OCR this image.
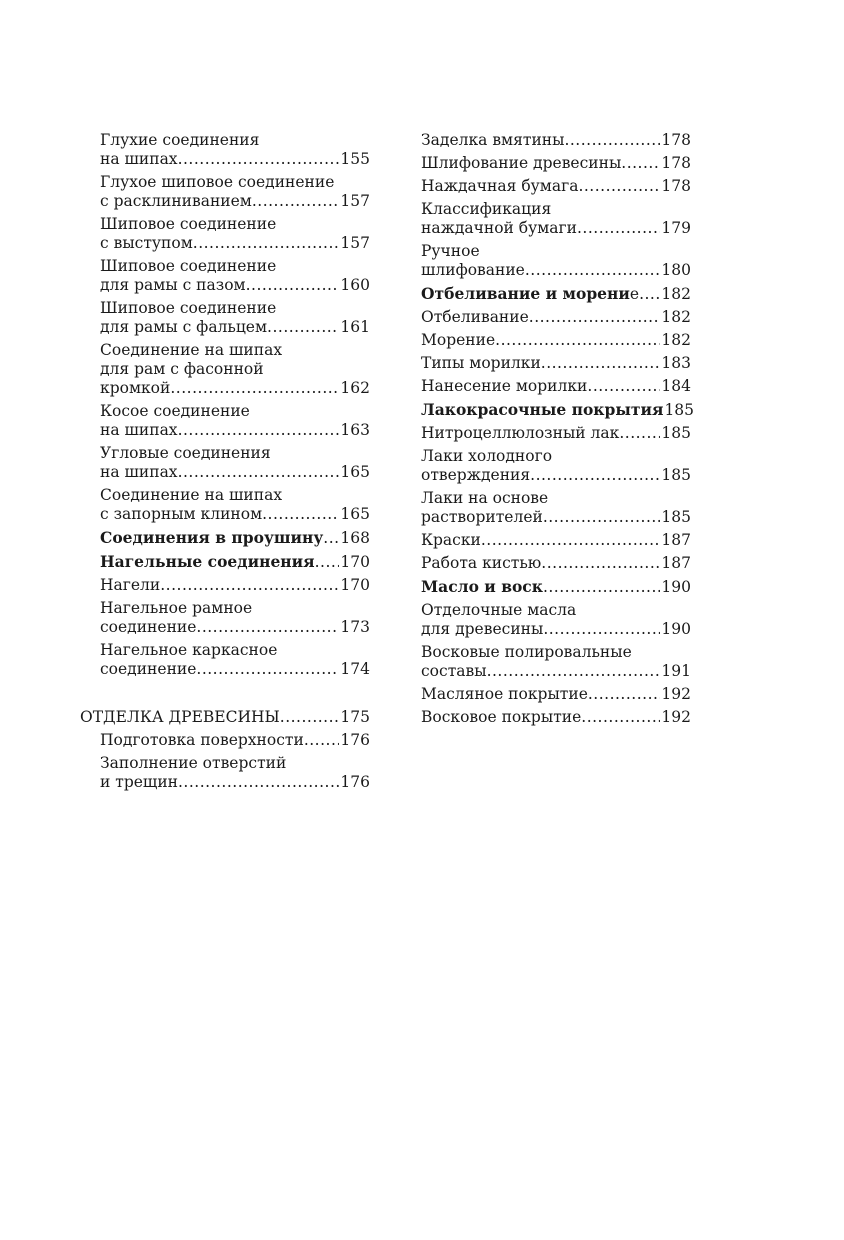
Глухие соединения
на шипах .....	155
Глухое шиповое соединение
с расклиниванием .....	157
Шиповое соединение
с выступом .....	157
Шиповое соединение
для рамы с пазом .....	160
Шиповое соединение
для рамы с фальцем .....	161
Соединение на шипах
для рам с фасонной
кромкой .....	162
Косое соединение
на шипах .....	163
Угловые соединения
на шипах .....	165
Соединение на шипах
с запорным клином .....	165
Соединения в проушину ..... 168
Нагельные соединения ..... 170
Нагели .....	170
Нагельное рамное
соединение .....	173
Нагельное каркасное
соединение .....	174
ОТДЕЛКА ДРЕВЕСИНЫ .....	175
Подготовка поверхности ..... 176
Заполнение отверстий
и трещин .....	176
Заделка вмятины .....	178
Шлифование древесины .....	178
Наждачная бумага .....	178
Классификация
наждачной бумаги .....	179
Ручное
шлифование .....	180
Отбеливание и морение ..... 182
Отбеливание .....	182
Морение .....	182
Типы морилки .....	183
Нанесение морилки .....	184
Лакокрасочные покрытия 185
Нитроцеллюлозный лак .....	185
Лаки холодного
отверждения .....	185
Лаки на основе
растворителей .....	185
Краски .....	187
Работа кистью .....	187
Масло и воск .....	190
Отделочные масла
для древесины .....	190
Восковые полировальные
составы .....	191
Масляное покрытие .....	192
Восковое покрытие .....	192
